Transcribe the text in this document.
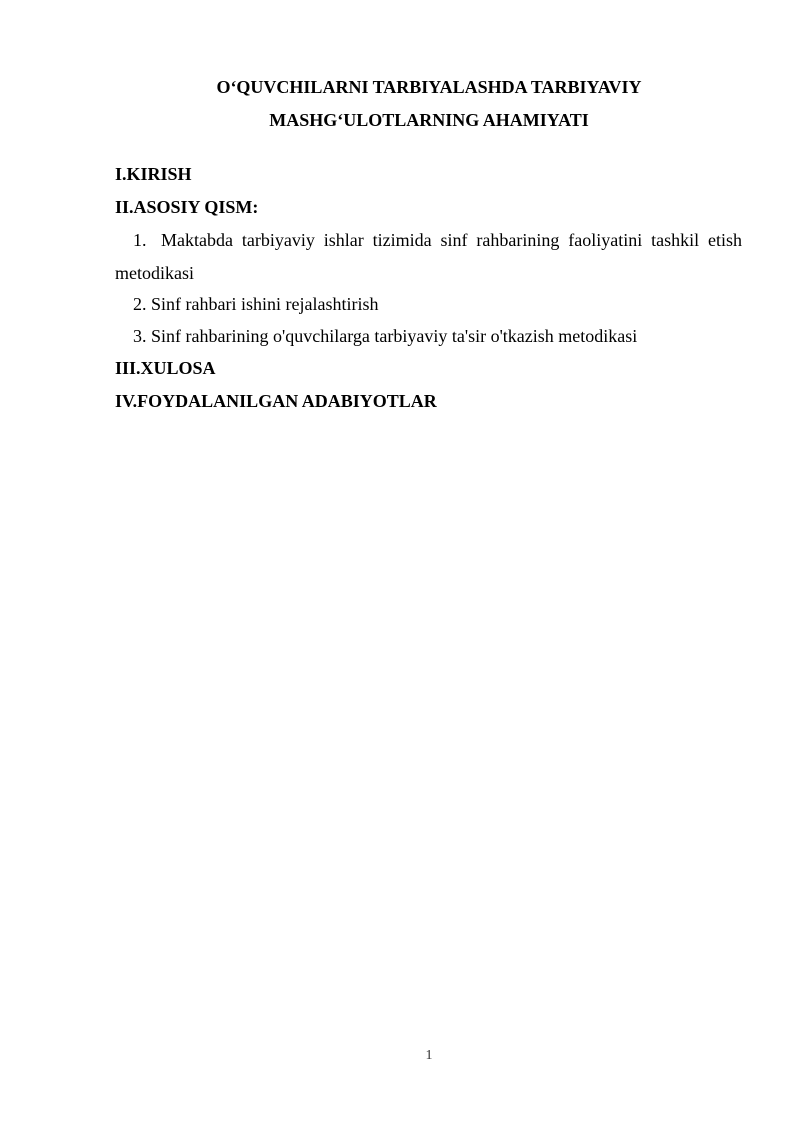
O‘QUVCHILARNI TARBIYALASHDA TARBIYAVIY
MASHG‘ULOTLARNING AHAMIYATI
I.KIRISH
II.ASOSIY QISM:
1. Maktabda tarbiyaviy ishlar tizimida sinf rahbarining faoliyatini tashkil etish
metodikasi
2. Sinf rahbari ishini rejalashtirish
3. Sinf rahbarining o'quvchilarga tarbiyaviy ta'sir o'tkazish metodikasi
III.XULOSA
IV.FOYDALANILGAN ADABIYOTLAR
1
